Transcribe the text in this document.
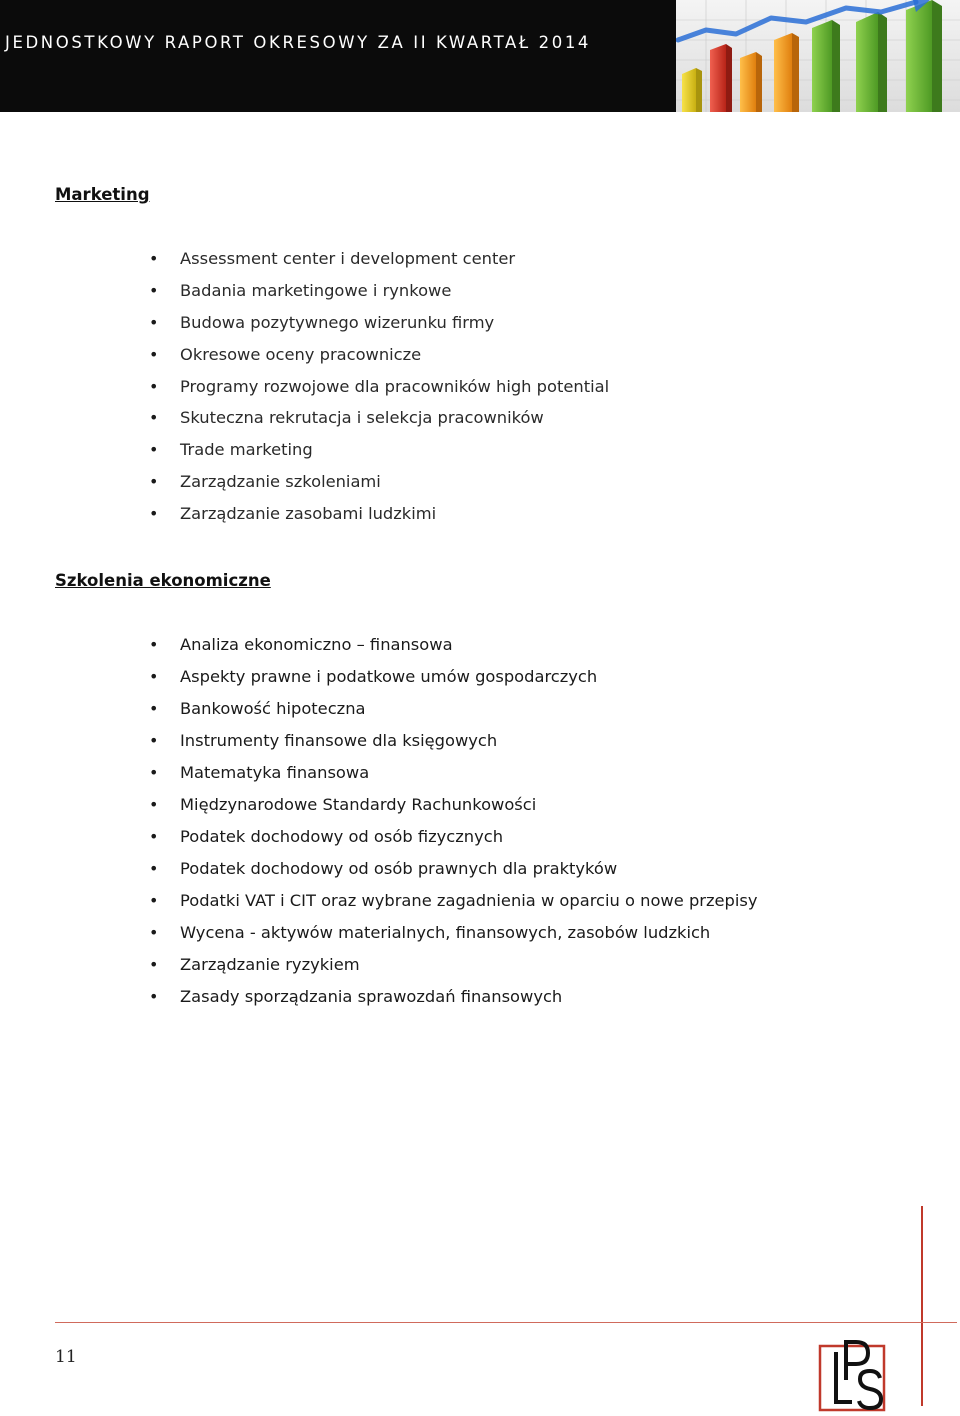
JEDNOSTKOWY RAPORT OKRESOWY ZA II KWARTAŁ 2014
Marketing
• Assessment center i development center
• Badania marketingowe i rynkowe
• Budowa pozytywnego wizerunku firmy
• Okresowe oceny pracownicze
• Programy rozwojowe dla pracowników high potential
• Skuteczna rekrutacja i selekcja pracowników
• Trade marketing
• Zarządzanie szkoleniami
• Zarządzanie zasobami ludzkimi
Szkolenia ekonomiczne
• Analiza ekonomiczno – finansowa
• Aspekty prawne i podatkowe umów gospodarczych
• Bankowość hipoteczna
• Instrumenty finansowe dla księgowych
• Matematyka finansowa
• Międzynarodowe Standardy Rachunkowości
• Podatek dochodowy od osób fizycznych
• Podatek dochodowy od osób prawnych dla praktyków
• Podatki VAT i CIT oraz wybrane zagadnienia w oparciu o nowe przepisy
• Wycena - aktywów materialnych, finansowych, zasobów ludzkich
• Zarządzanie ryzykiem
• Zasady sporządzania sprawozdań finansowych
11
